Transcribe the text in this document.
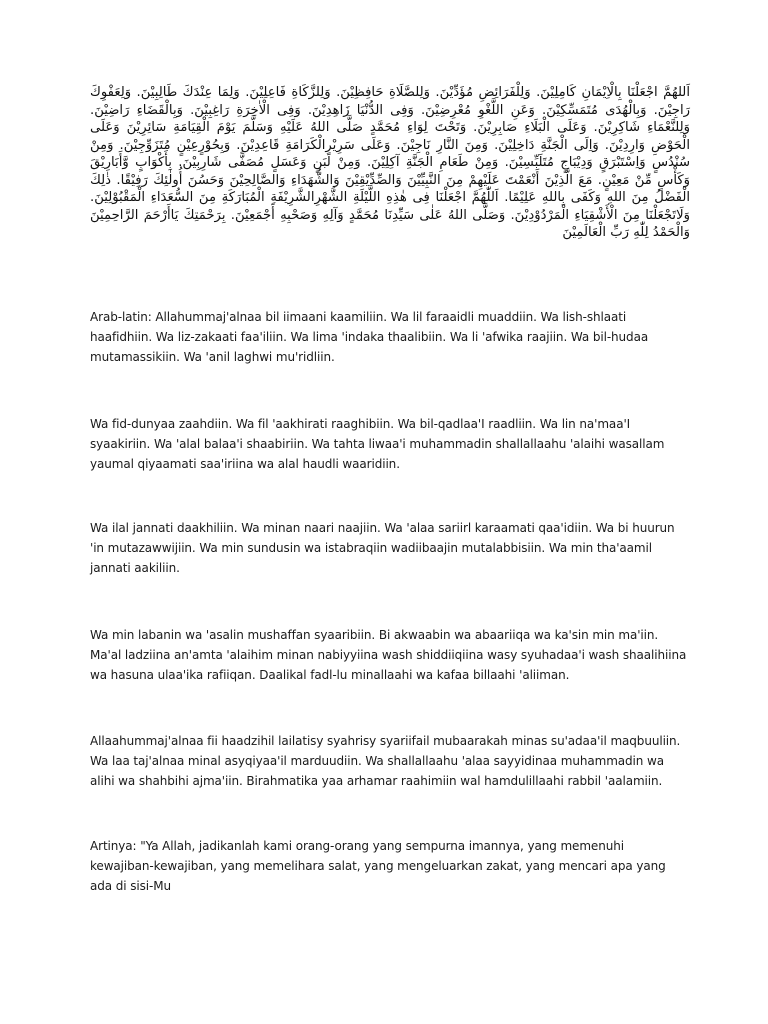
اَللهُمَّ اجْعَلْنَا بِالْاِيْمَانِ كَامِلِيْنَ. وَلِلْفَرَائِضِ مُؤَدِّيْنَ. وَلِلصَّلَاةِ حَافِظِيْنَ. وَلِلزَّكَاةِ فَاعِلِيْنَ. وَلِمَا عِنْدَكَ طَالِبِيْنَ. وَلِعَفْوِكَ رَاجِيْنَ. وَبِالْهُدَى مُتَمَسِّكِيْنَ. وَعَنِ اللَّغْوِ مُعْرِضِيْنَ. وَفِى الدُّنْيَا زَاهِدِيْنَ. وَفِى الْاٰخِرَةِ رَاغِبِيْنَ. وَبِالْقَضَاءِ رَاضِيْنَ. وَلِلنَّعْمَاءِ شَاكِرِيْنَ. وَعَلَى الْبَلَاءِ صَابِرِيْنَ. وَتَحْتَ لِوَاءِ مُحَمَّدٍ صَلَّى اللهُ عَلَيْهِ وَسَلَّمَ يَوْمَ الْقِيَامَةِ سَائِرِيْنَ وَعَلَى الْحَوْضِ وَارِدِيْنَ. وَاِلَى الْجَنَّةِ دَاخِلِيْنَ. وَمِنَ النَّارِ نَاجِيْنَ. وَعَلَى سَرِيْرِالْكَرَامَةِ قَاعِدِيْنَ. وَبِحُوْرٍعِيْنٍ مُتَزَوِّجِيْنَ. وَمِنْ سُنْدُسٍ وَاِسْتَبْرَقٍ وَدِيْبَاجٍ مُتَلَبِّسِيْنَ. وَمِنْ طَعَامِ الْجَنَّةِ آكِلِيْنَ. وَمِنْ لَبَنٍ وَعَسَلٍ مُصَفًّى شَارِبِيْنَ. بِأَكْوَابٍ وَّأَبَارِيْقَ وَكَأْسٍ مِّنْ مَعِيْنٍ. مَعَ الَّذِيْنَ أَنْعَمْتَ عَلَيْهِمْ مِنَ النَّبِيِّيْنَ وَالصِّدِّيْقِيْنَ وَالشُّهَدَاءِ وَالصَّالِحِيْنَ وَحَسُنَ أُولٰئِكَ رَفِيْقًا. ذٰلِكَ الْفَضْلُ مِنَ اللهِ وَكَفَى بِاللهِ عَلِيْمًا. اَللّٰهُمَّ اجْعَلْنَا فِى هٰذِهِ اللَّيْلَةِ الشَّهْرِالشَّرِيْفَةِ الْمُبَارَكَةِ مِنَ السُّعَدَاءِ الْمَقْبُوْلِيْنَ. وَلَاتَجْعَلْنَا مِنَ الْأَشْقِيَاءِ الْمَرْدُوْدِيْنَ. وَصَلَّى اللهُ عَلٰى سَيِّدِنَا مُحَمَّدٍ وَآلِهِ وَصَحْبِهِ أَجْمَعِيْنَ. بِرَحْمَتِكَ يَاأَرْحَمَ الرَّاحِمِيْنَ وَالْحَمْدُ لِلّٰهِ رَبِّ الْعَالَمِيْنَ

Arab-latin: Allahummaj'alnaa bil iimaani kaamiliin. Wa lil faraaidli muaddiin. Wa lish-shlaati haafidhiin. Wa liz-zakaati faa'iliin. Wa lima 'indaka thaalibiin. Wa li 'afwika raajiin. Wa bil-hudaa mutamassikiin. Wa 'anil laghwi mu'ridliin.

Wa fid-dunyaa zaahdiin. Wa fil 'aakhirati raaghibiin. Wa bil-qadlaa'I raadliin. Wa lin na'maa'I syaakiriin. Wa 'alal balaa'i shaabiriin. Wa tahta liwaa'i muhammadin shallallaahu 'alaihi wasallam yaumal qiyaamati saa'iriina wa alal haudli waaridiin.

Wa ilal jannati daakhiliin. Wa minan naari naajiin. Wa 'alaa sariirl karaamati qaa'idiin. Wa bi huurun 'in mutazawwijiin. Wa min sundusin wa istabraqiin wadiibaajin mutalabbisiin. Wa min tha'aamil jannati aakiliin.

Wa min labanin wa 'asalin mushaffan syaaribiin. Bi akwaabin wa abaariiqa wa ka'sin min ma'iin. Ma'al ladziina an'amta 'alaihim minan nabiyyiina wash shiddiiqiina wasy syuhadaa'i wash shaalihiina wa hasuna ulaa'ika rafiiqan. Daalikal fadl-lu minallaahi wa kafaa billaahi 'aliiman.

Allaahummaj'alnaa fii haadzihil lailatisy syahrisy syariifail mubaarakah minas su'adaa'il maqbuuliin. Wa laa taj'alnaa minal asyqiyaa'il marduudiin. Wa shallallaahu 'alaa sayyidinaa muhammadin wa alihi wa shahbihi ajma'iin. Birahmatika yaa arhamar raahimiin wal hamdulillaahi rabbil 'aalamiin.

Artinya: "Ya Allah, jadikanlah kami orang-orang yang sempurna imannya, yang memenuhi kewajiban-kewajiban, yang memelihara salat, yang mengeluarkan zakat, yang mencari apa yang ada di sisi-Mu
